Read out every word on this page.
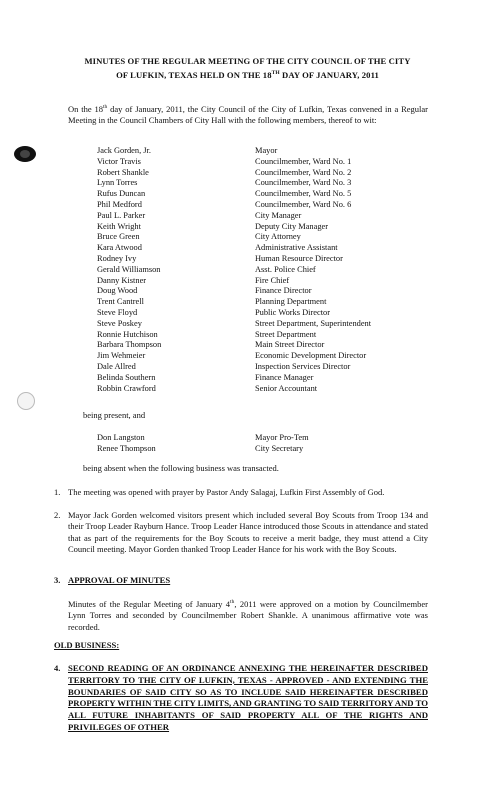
MINUTES OF THE REGULAR MEETING OF THE CITY COUNCIL OF THE CITY
OF LUFKIN, TEXAS HELD ON THE 18TH DAY OF JANUARY, 2011
On the 18th day of January, 2011, the City Council of the City of Lufkin, Texas convened in a Regular Meeting in the Council Chambers of City Hall with the following members, thereof to wit:
Jack Gorden, Jr.	Mayor
Victor Travis	Councilmember, Ward No. 1
Robert Shankle	Councilmember, Ward No. 2
Lynn Torres	Councilmember, Ward No. 3
Rufus Duncan	Councilmember, Ward No. 5
Phil Medford	Councilmember, Ward No. 6
Paul L. Parker	City Manager
Keith Wright	Deputy City Manager
Bruce Green	City Attorney
Kara Atwood	Administrative Assistant
Rodney Ivy	Human Resource Director
Gerald Williamson	Asst. Police Chief
Danny Kistner	Fire Chief
Doug Wood	Finance Director
Trent Cantrell	Planning Department
Steve Floyd	Public Works Director
Steve Poskey	Street Department, Superintendent
Ronnie Hutchison	Street Department
Barbara Thompson	Main Street Director
Jim Wehmeier	Economic Development Director
Dale Allred	Inspection Services Director
Belinda Southern	Finance Manager
Robbin Crawford	Senior Accountant
being present, and
Don Langston	Mayor Pro-Tem
Renee Thompson	City Secretary
being absent when the following business was transacted.
1. The meeting was opened with prayer by Pastor Andy Salagaj, Lufkin First Assembly of God.
2. Mayor Jack Gorden welcomed visitors present which included several Boy Scouts from Troop 134 and their Troop Leader Rayburn Hance. Troop Leader Hance introduced those Scouts in attendance and stated that as part of the requirements for the Boy Scouts to receive a merit badge, they must attend a City Council meeting. Mayor Gorden thanked Troop Leader Hance for his work with the Boy Scouts.
3. APPROVAL OF MINUTES
Minutes of the Regular Meeting of January 4th, 2011 were approved on a motion by Councilmember Lynn Torres and seconded by Councilmember Robert Shankle. A unanimous affirmative vote was recorded.
OLD BUSINESS:
4. SECOND READING OF AN ORDINANCE ANNEXING THE HEREINAFTER DESCRIBED TERRITORY TO THE CITY OF LUFKIN, TEXAS - APPROVED - AND EXTENDING THE BOUNDARIES OF SAID CITY SO AS TO INCLUDE SAID HEREINAFTER DESCRIBED PROPERTY WITHIN THE CITY LIMITS, AND GRANTING TO SAID TERRITORY AND TO ALL FUTURE INHABITANTS OF SAID PROPERTY ALL OF THE RIGHTS AND PRIVILEGES OF OTHER
